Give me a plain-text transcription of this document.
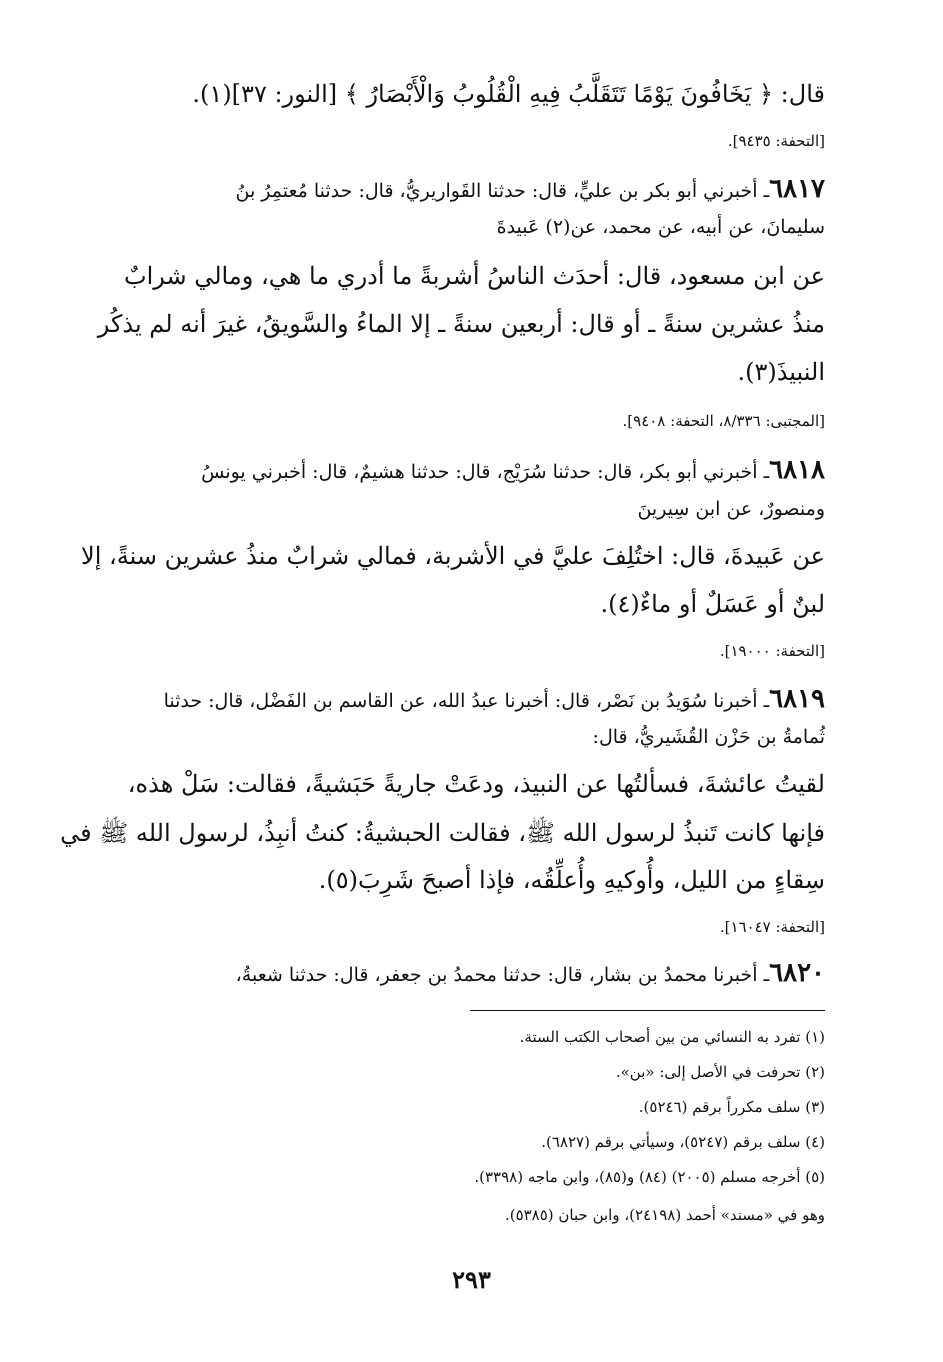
قال: ﴿ يَخَافُونَ يَوْمًا تَتَقَلَّبُ فِيهِ الْقُلُوبُ وَالْأَبْصَارُ ﴾ [النور: ٣٧](١).
[التحفة: ٩٤٣٥].
٦٨١٧ـ أخبرني أبو بكر بن عليٍّ، قال: حدثنا القَواريريُّ، قال: حدثنا مُعتمِرُ بنُ
سليمانَ، عن أبيه، عن محمد، عن(٢) عَبيدةَ
عن ابن مسعود، قال: أحدَث الناسُ أشربةً ما أدري ما هي، ومالي شرابٌ
منذُ عشرين سنةً ـ أو قال: أربعين سنةً ـ إلا الماءُ والسَّويقُ، غيرَ أنه لم يذكُر
النبيذَ(٣).
[المجتبى: ٨/٣٣٦، التحفة: ٩٤٠٨].
٦٨١٨ـ أخبرني أبو بكر، قال: حدثنا سُرَيْج، قال: حدثنا هشيمٌ، قال: أخبرني يونسُ
ومنصورٌ، عن ابن سِيرينَ
عن عَبيدةَ، قال: اختُلِفَ عليَّ في الأشربة، فمالي شرابٌ منذُ عشرين سنةً، إلا
لبنٌ أو عَسَلٌ أو ماءٌ(٤).
[التحفة: ١٩٠٠٠].
٦٨١٩ـ أخبرنا سُوَيدُ بن نَصْر، قال: أخبرنا عبدُ الله، عن القاسم بن الفَضْل، قال: حدثنا
ثُمامةُ بن حَزْن القُشَيريُّ، قال:
لقيتُ عائشةَ، فسألتُها عن النبيذ، ودعَتْ جاريةً حَبَشيةً، فقالت: سَلْ هذه،
فإنها كانت تَنبذُ لرسول الله ﷺ، فقالت الحبشيةُ: كنتُ أنبِذُ، لرسول الله ﷺ في
سِقاءٍ من الليل، وأُوكيهِ وأُعلِّقُه، فإذا أصبحَ شَرِبَ(٥).
[التحفة: ١٦٠٤٧].
٦٨٢٠ـ أخبرنا محمدُ بن بشار، قال: حدثنا محمدُ بن جعفر، قال: حدثنا شعبةُ،
(١) تفرد به النسائي من بين أصحاب الكتب الستة.
(٢) تحرفت في الأصل إلى: «بن».
(٣) سلف مكرراً برقم (٥٢٤٦).
(٤) سلف برقم (٥٢٤٧)، وسيأتي برقم (٦٨٢٧).
(٥) أخرجه مسلم (٢٠٠٥) (٨٤) و(٨٥)، وابن ماجه (٣٣٩٨).
وهو في «مسند» أحمد (٢٤١٩٨)، وابن حبان (٥٣٨٥).
٢٩٣
